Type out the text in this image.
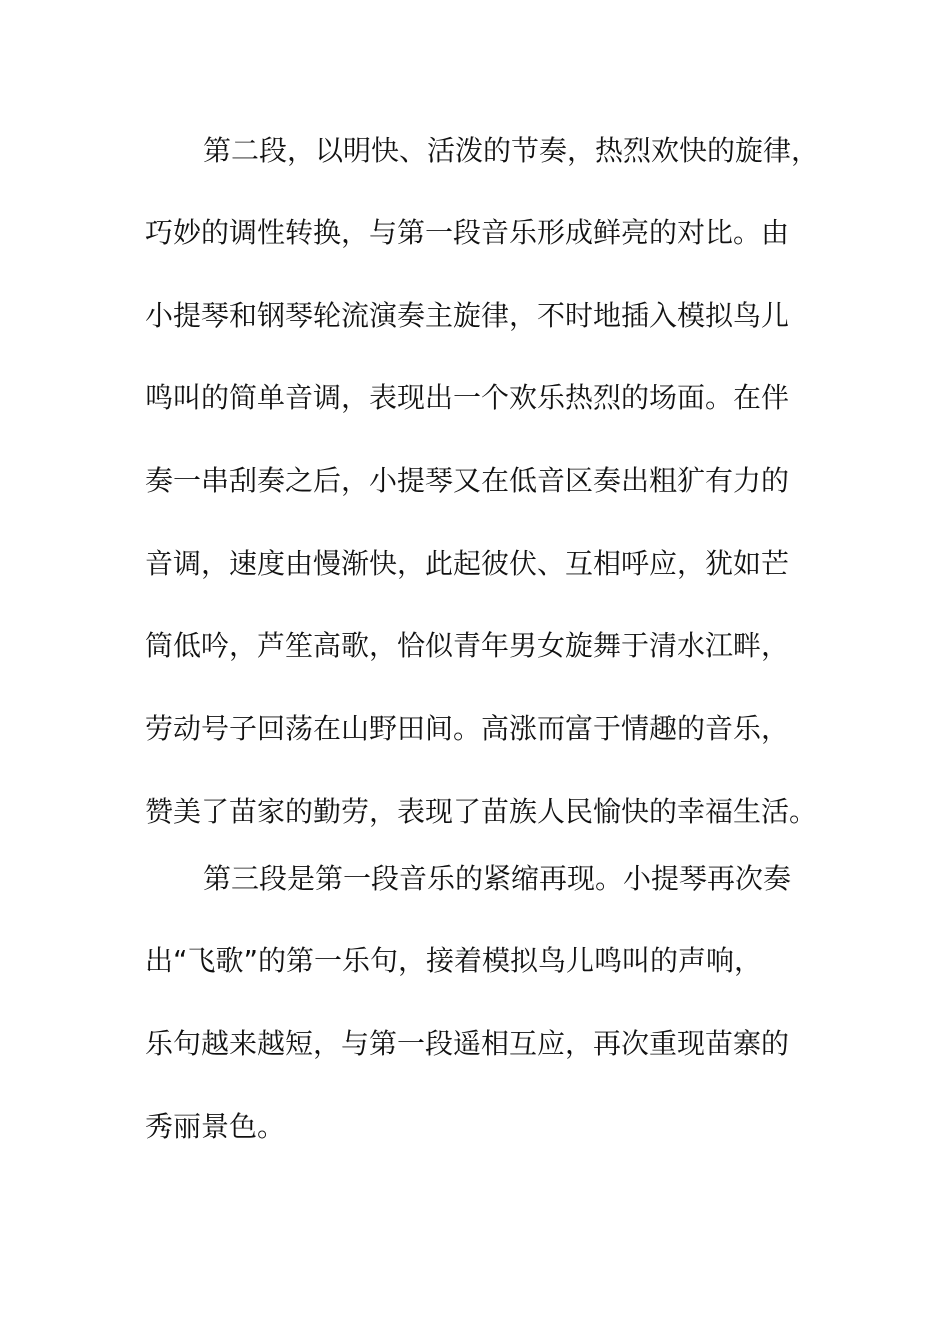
第二段，以明快、活泼的节奏，热烈欢快的旋律，
巧妙的调性转换，与第一段音乐形成鲜亮的对比。由
小提琴和钢琴轮流演奏主旋律，不时地插入模拟鸟儿
鸣叫的简单音调，表现出一个欢乐热烈的场面。在伴
奏一串刮奏之后，小提琴又在低音区奏出粗犷有力的
音调，速度由慢渐快，此起彼伏、互相呼应，犹如芒
筒低吟，芦笙高歌，恰似青年男女旋舞于清水江畔，
劳动号子回荡在山野田间。高涨而富于情趣的音乐，
赞美了苗家的勤劳，表现了苗族人民愉快的幸福生活。
第三段是第一段音乐的紧缩再现。小提琴再次奏
出“飞歌”的第一乐句，接着模拟鸟儿鸣叫的声响，
乐句越来越短，与第一段遥相互应，再次重现苗寨的
秀丽景色。
